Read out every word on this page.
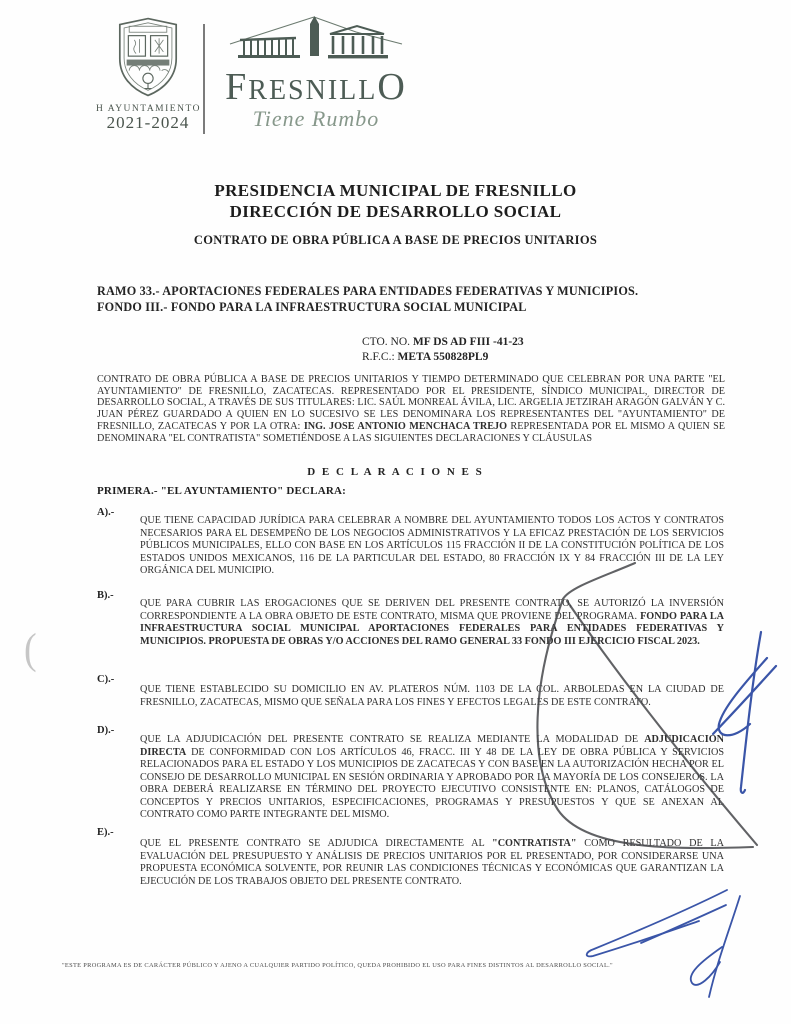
H AYUNTAMIENTO
2021-2024
FRESNILLO
Tiene Rumbo
PRESIDENCIA MUNICIPAL DE FRESNILLO
DIRECCIÓN DE DESARROLLO SOCIAL
CONTRATO DE OBRA PÚBLICA A BASE DE PRECIOS UNITARIOS
RAMO 33.- APORTACIONES FEDERALES PARA ENTIDADES FEDERATIVAS Y MUNICIPIOS.
FONDO III.- FONDO PARA LA INFRAESTRUCTURA SOCIAL MUNICIPAL
CTO. NO. MF DS AD FIII -41-23
R.F.C.: META 550828PL9
CONTRATO DE OBRA PÚBLICA A BASE DE PRECIOS UNITARIOS Y TIEMPO DETERMINADO QUE CELEBRAN POR UNA PARTE "EL AYUNTAMIENTO" DE FRESNILLO, ZACATECAS. REPRESENTADO POR EL PRESIDENTE, SÍNDICO MUNICIPAL, DIRECTOR DE DESARROLLO SOCIAL, A TRAVÉS DE SUS TITULARES: LIC. SAÚL MONREAL ÁVILA, LIC. ARGELIA JETZIRAH ARAGÓN GALVÁN Y C. JUAN PÉREZ GUARDADO A QUIEN EN LO SUCESIVO SE LES DENOMINARA LOS REPRESENTANTES DEL "AYUNTAMIENTO" DE FRESNILLO, ZACATECAS Y POR LA OTRA: ING. JOSE ANTONIO MENCHACA TREJO REPRESENTADA POR EL MISMO A QUIEN SE DENOMINARA "EL CONTRATISTA" SOMETIÉNDOSE A LAS SIGUIENTES DECLARACIONES Y CLÁUSULAS
D E C L A R A C I O N E S
PRIMERA.- "EL AYUNTAMIENTO" DECLARA:
A).-
QUE TIENE CAPACIDAD JURÍDICA PARA CELEBRAR A NOMBRE DEL AYUNTAMIENTO TODOS LOS ACTOS Y CONTRATOS NECESARIOS PARA EL DESEMPEÑO DE LOS NEGOCIOS ADMINISTRATIVOS Y LA EFICAZ PRESTACIÓN DE LOS SERVICIOS PÚBLICOS MUNICIPALES, ELLO CON BASE EN LOS ARTÍCULOS 115 FRACCIÓN II DE LA CONSTITUCIÓN POLÍTICA DE LOS ESTADOS UNIDOS MEXICANOS, 116 DE LA PARTICULAR DEL ESTADO, 80 FRACCIÓN IX Y 84 FRACCIÓN III DE LA LEY ORGÁNICA DEL MUNICIPIO.
B).-
QUE PARA CUBRIR LAS EROGACIONES QUE SE DERIVEN DEL PRESENTE CONTRATO, SE AUTORIZÓ LA INVERSIÓN CORRESPONDIENTE A LA OBRA OBJETO DE ESTE CONTRATO, MISMA QUE PROVIENE DEL PROGRAMA. FONDO PARA LA INFRAESTRUCTURA SOCIAL MUNICIPAL APORTACIONES FEDERALES PARA ENTIDADES FEDERATIVAS Y MUNICIPIOS. PROPUESTA DE OBRAS Y/O ACCIONES DEL RAMO GENERAL 33 FONDO III EJERCICIO FISCAL 2023.
C).-
QUE TIENE ESTABLECIDO SU DOMICILIO EN AV. PLATEROS NÚM. 1103 DE LA COL. ARBOLEDAS EN LA CIUDAD DE FRESNILLO, ZACATECAS, MISMO QUE SEÑALA PARA LOS FINES Y EFECTOS LEGALES DE ESTE CONTRATO.
D).-
QUE LA ADJUDICACIÓN DEL PRESENTE CONTRATO SE REALIZA MEDIANTE LA MODALIDAD DE ADJUDICACIÓN DIRECTA DE CONFORMIDAD CON LOS ARTÍCULOS 46, FRACC. III Y 48 DE LA LEY DE OBRA PÚBLICA Y SERVICIOS RELACIONADOS PARA EL ESTADO Y LOS MUNICIPIOS DE ZACATECAS Y CON BASE EN LA AUTORIZACIÓN HECHA POR EL CONSEJO DE DESARROLLO MUNICIPAL EN SESIÓN ORDINARIA Y APROBADO POR LA MAYORÍA DE LOS CONSEJEROS. LA OBRA DEBERÁ REALIZARSE EN TÉRMINO DEL PROYECTO EJECUTIVO CONSISTENTE EN: PLANOS, CATÁLOGOS DE CONCEPTOS Y PRECIOS UNITARIOS, ESPECIFICACIONES, PROGRAMAS Y PRESUPUESTOS Y QUE SE ANEXAN AL CONTRATO COMO PARTE INTEGRANTE DEL MISMO.
E).-
QUE EL PRESENTE CONTRATO SE ADJUDICA DIRECTAMENTE AL "CONTRATISTA" COMO RESULTADO DE LA EVALUACIÓN DEL PRESUPUESTO Y ANÁLISIS DE PRECIOS UNITARIOS POR EL PRESENTADO, POR CONSIDERARSE UNA PROPUESTA ECONÓMICA SOLVENTE, POR REUNIR LAS CONDICIONES TÉCNICAS Y ECONÓMICAS QUE GARANTIZAN LA EJECUCIÓN DE LOS TRABAJOS OBJETO DEL PRESENTE CONTRATO.
"ESTE PROGRAMA ES DE CARÁCTER PÚBLICO Y AJENO A CUALQUIER PARTIDO POLÍTICO, QUEDA PROHIBIDO EL USO PARA FINES DISTINTOS AL DESARROLLO SOCIAL."
(
